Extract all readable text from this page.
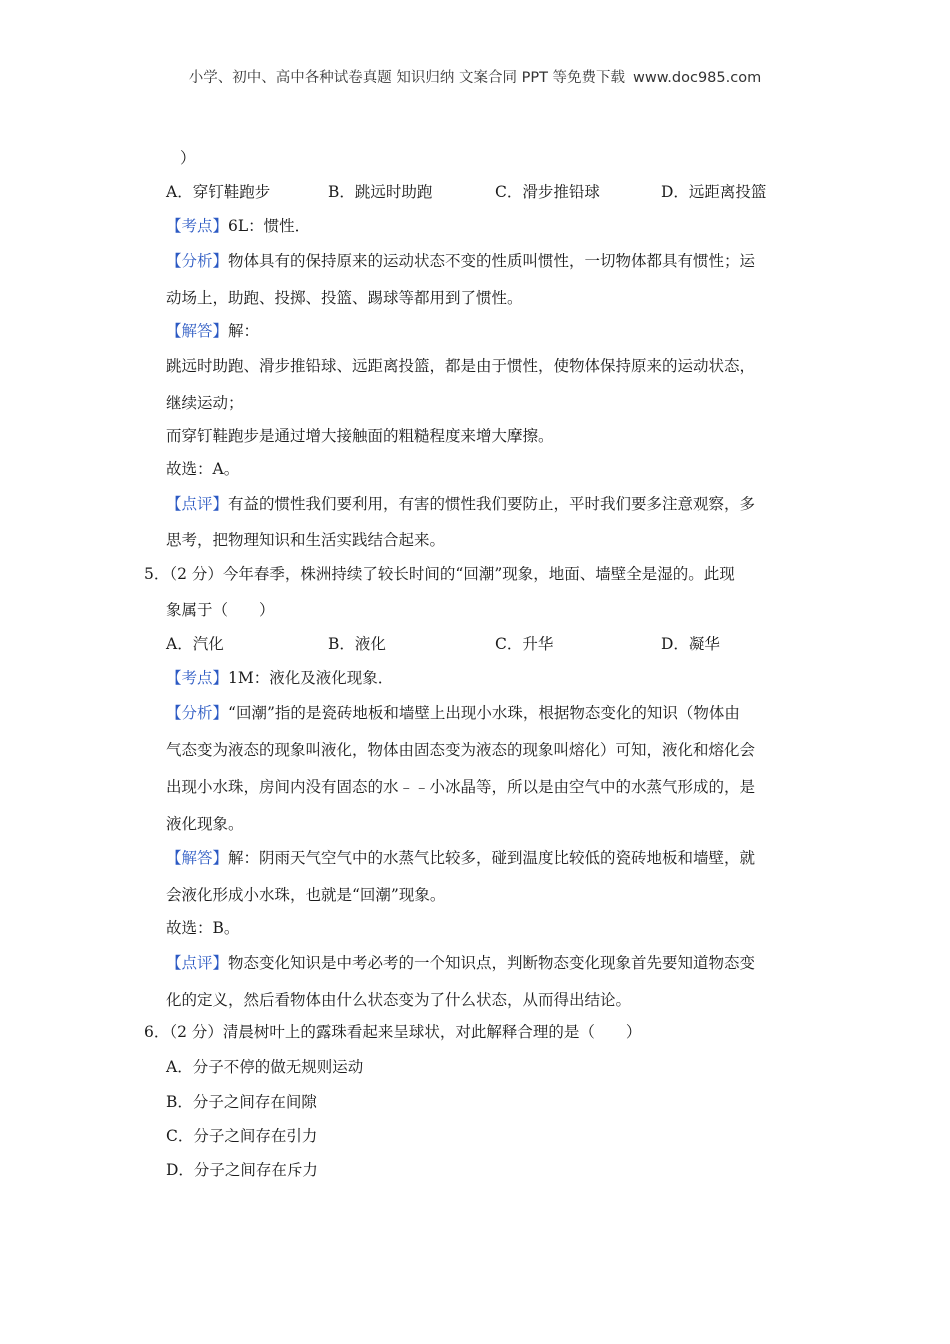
小学、初中、高中各种试卷真题 知识归纳 文案合同 PPT 等免费下载 www.doc985.com
）
A．穿钉鞋跑步	B．跳远时助跑	C．滑步推铅球	D．远距离投篮
【考点】6L：惯性．
【分析】物体具有的保持原来的运动状态不变的性质叫惯性，一切物体都具有惯性；运
动场上，助跑、投掷、投篮、踢球等都用到了惯性。
【解答】解：
跳远时助跑、滑步推铅球、远距离投篮，都是由于惯性，使物体保持原来的运动状态，
继续运动；
而穿钉鞋跑步是通过增大接触面的粗糙程度来增大摩擦。
故选：A。
【点评】有益的惯性我们要利用，有害的惯性我们要防止，平时我们要多注意观察，多
思考，把物理知识和生活实践结合起来。
5．（2 分）今年春季，株洲持续了较长时间的“回潮”现象，地面、墙壁全是湿的。此现
象属于（　　）
A．汽化	B．液化	C．升华	D．凝华
【考点】1M：液化及液化现象．
【分析】“回潮”指的是瓷砖地板和墙壁上出现小水珠，根据物态变化的知识（物体由
气态变为液态的现象叫液化，物体由固态变为液态的现象叫熔化）可知，液化和熔化会
出现小水珠，房间内没有固态的水﹣﹣小冰晶等，所以是由空气中的水蒸气形成的，是
液化现象。
【解答】解：阴雨天气空气中的水蒸气比较多，碰到温度比较低的瓷砖地板和墙壁，就
会液化形成小水珠，也就是“回潮”现象。
故选：B。
【点评】物态变化知识是中考必考的一个知识点，判断物态变化现象首先要知道物态变
化的定义，然后看物体由什么状态变为了什么状态，从而得出结论。
6．（2 分）清晨树叶上的露珠看起来呈球状，对此解释合理的是（　　）
A．分子不停的做无规则运动
B．分子之间存在间隙
C．分子之间存在引力
D．分子之间存在斥力
